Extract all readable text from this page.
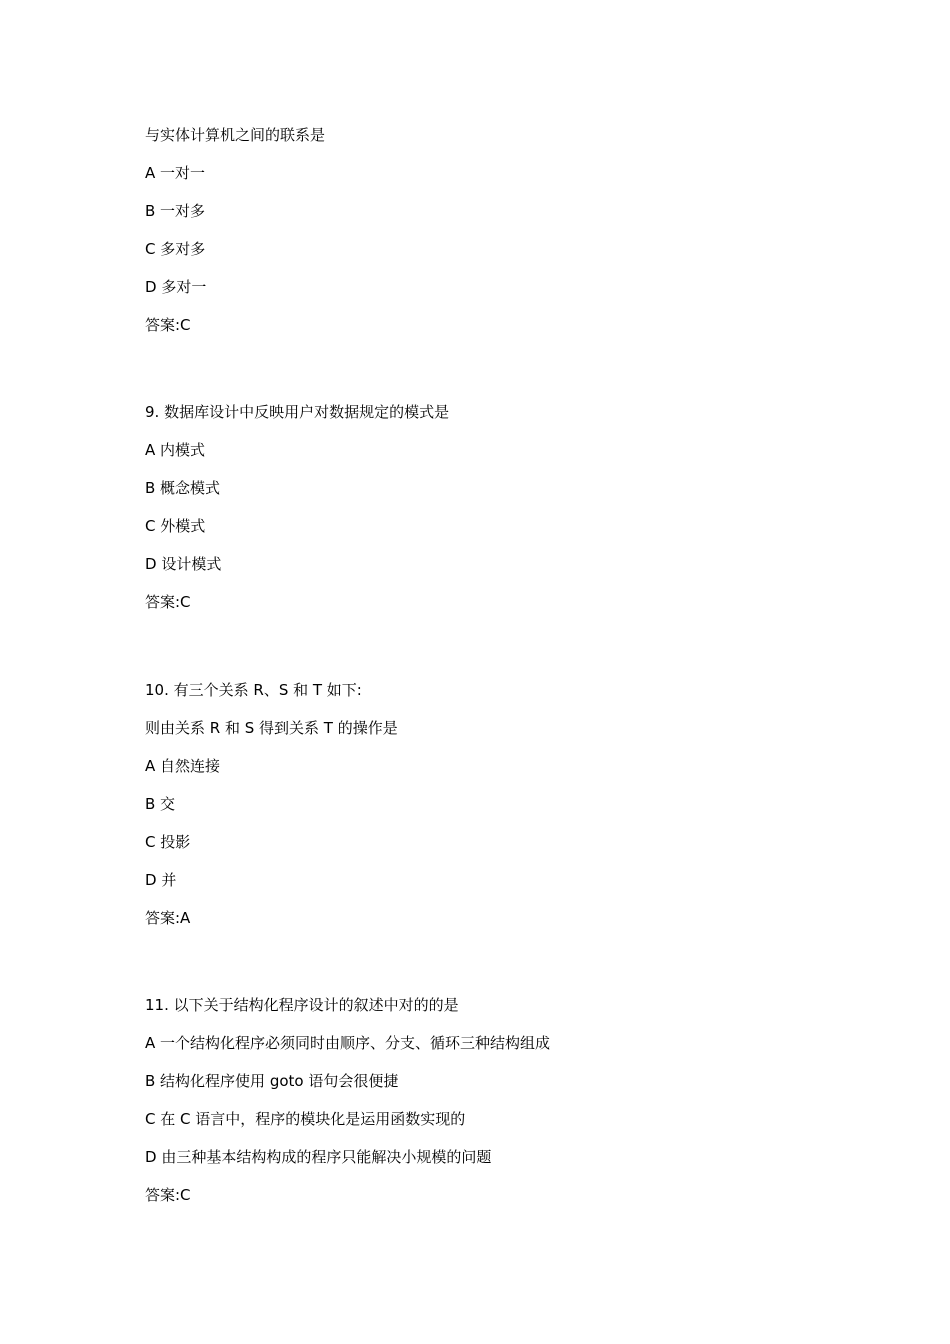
与实体计算机之间的联系是
A 一对一
B 一对多
C 多对多
D 多对一
答案:C
9. 数据库设计中反映用户对数据规定的模式是
A 内模式
B 概念模式
C 外模式
D 设计模式
答案:C
10. 有三个关系 R、S 和 T 如下:
则由关系 R 和 S 得到关系 T 的操作是
A 自然连接
B 交
C 投影
D 并
答案:A
11. 以下关于结构化程序设计的叙述中对的的是
A 一个结构化程序必须同时由顺序、分支、循环三种结构组成
B 结构化程序使用 goto 语句会很便捷
C 在 C 语言中，程序的模块化是运用函数实现的
D 由三种基本结构构成的程序只能解决小规模的问题
答案:C
